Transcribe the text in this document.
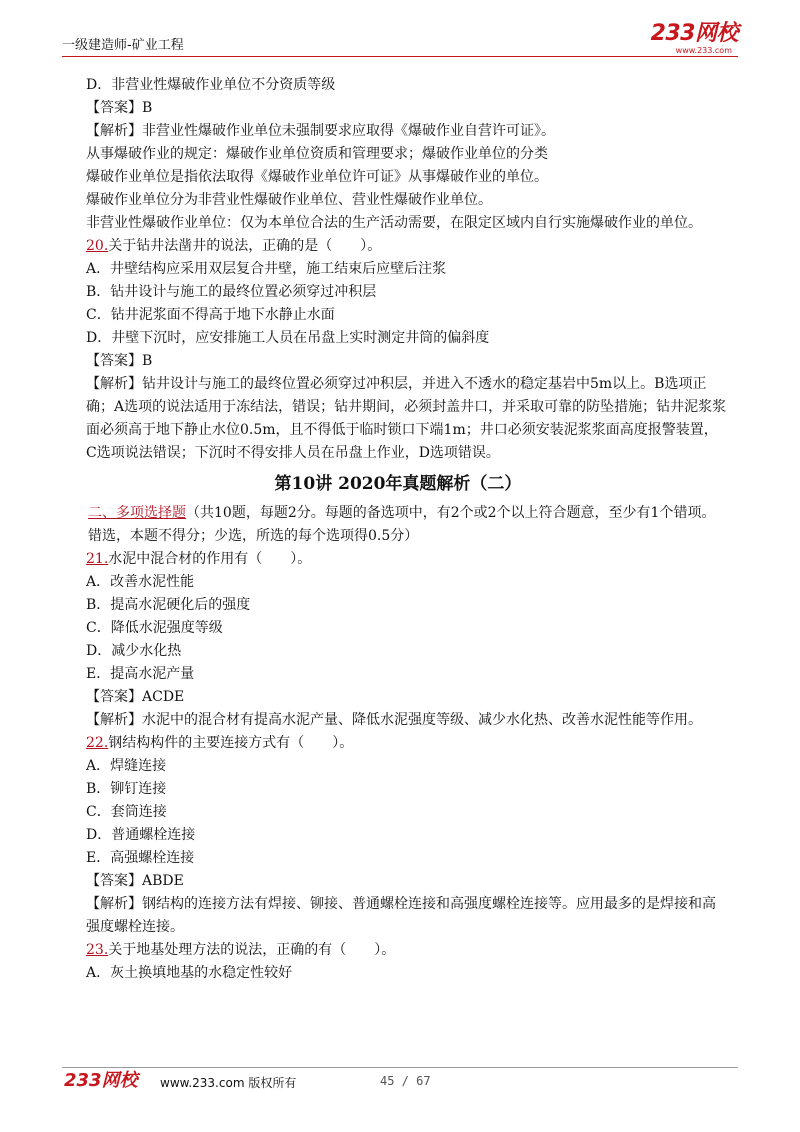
一级建造师-矿业工程	233网校
www.233.com
D．非营业性爆破作业单位不分资质等级
【答案】B
【解析】非营业性爆破作业单位未强制要求应取得《爆破作业自营许可证》。
从事爆破作业的规定：爆破作业单位资质和管理要求；爆破作业单位的分类
爆破作业单位是指依法取得《爆破作业单位许可证》从事爆破作业的单位。
爆破作业单位分为非营业性爆破作业单位、营业性爆破作业单位。
非营业性爆破作业单位：仅为本单位合法的生产活动需要，在限定区域内自行实施爆破作业的单位。
20.关于钻井法凿井的说法，正确的是（　　）。
A．井壁结构应采用双层复合井壁，施工结束后应壁后注浆
B．钻井设计与施工的最终位置必须穿过冲积层
C．钻井泥浆面不得高于地下水静止水面
D．井壁下沉时，应安排施工人员在吊盘上实时测定井筒的偏斜度
【答案】B
【解析】钻井设计与施工的最终位置必须穿过冲积层，并进入不透水的稳定基岩中5m以上。B选项正确；A选项的说法适用于冻结法，错误；钻井期间，必须封盖井口，并采取可靠的防坠措施；钻井泥浆浆面必须高于地下静止水位0.5m，且不得低于临时锁口下端1m；井口必须安装泥浆浆面高度报警装置，C选项说法错误；下沉时不得安排人员在吊盘上作业，D选项错误。
第10讲 2020年真题解析（二）
二、多项选择题（共10题，每题2分。每题的备选项中，有2个或2个以上符合题意，至少有1个错项。错选，本题不得分；少选，所选的每个选项得0.5分）
21.水泥中混合材的作用有（　　）。
A．改善水泥性能
B．提高水泥硬化后的强度
C．降低水泥强度等级
D．减少水化热
E．提高水泥产量
【答案】ACDE
【解析】水泥中的混合材有提高水泥产量、降低水泥强度等级、减少水化热、改善水泥性能等作用。
22.钢结构构件的主要连接方式有（　　）。
A．焊缝连接
B．铆钉连接
C．套筒连接
D．普通螺栓连接
E．高强螺栓连接
【答案】ABDE
【解析】钢结构的连接方法有焊接、铆接、普通螺栓连接和高强度螺栓连接等。应用最多的是焊接和高强度螺栓连接。
23.关于地基处理方法的说法，正确的有（　　）。
A．灰土换填地基的水稳定性较好
233网校 www.233.com 版权所有	45 / 67
